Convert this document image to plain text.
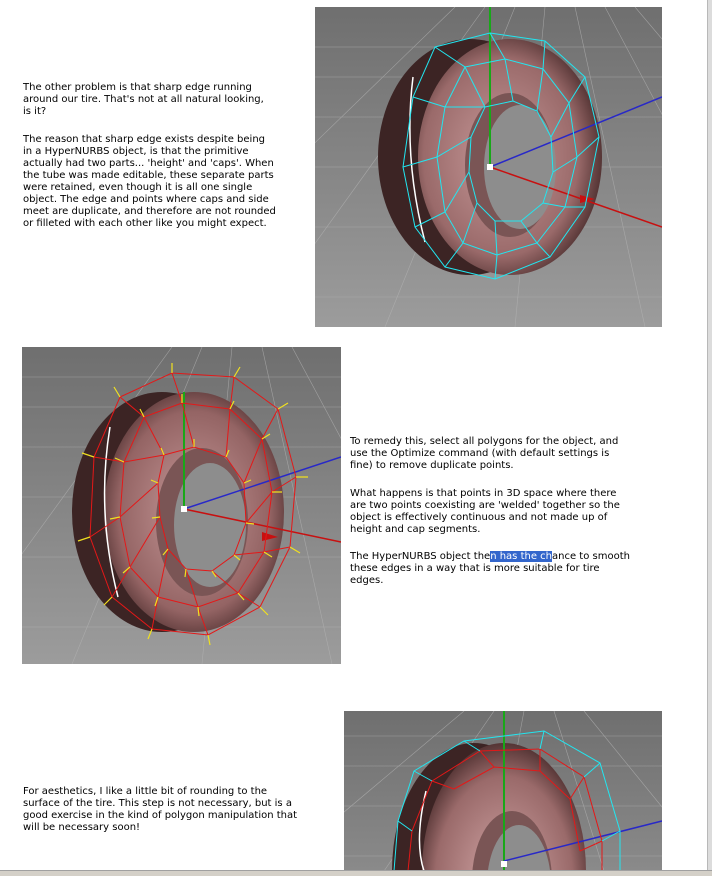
The other problem is that sharp edge running
around our tire. That's not at all natural looking,
is it?
The reason that sharp edge exists despite being
in a HyperNURBS object, is that the primitive
actually had two parts... 'height' and 'caps'. When
the tube was made editable, these separate parts
were retained, even though it is all one single
object. The edge and points where caps and side
meet are duplicate, and therefore are not rounded
or filleted with each other like you might expect.
To remedy this, select all polygons for the object, and
use the Optimize command (with default settings is
fine) to remove duplicate points.
What happens is that points in 3D space where there
are two points coexisting are 'welded' together so the
object is effectively continuous and not made up of
height and cap segments.
The HyperNURBS object then has the chance to smooth
these edges in a way that is more suitable for tire
edges.
For aesthetics, I like a little bit of rounding to the
surface of the tire. This step is not necessary, but is a
good exercise in the kind of polygon manipulation that
will be necessary soon!
